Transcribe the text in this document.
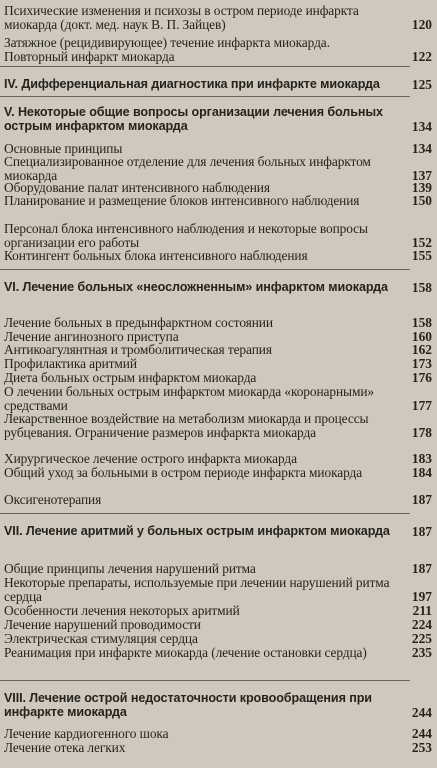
Психические изменения и психозы в остром периоде инфаркта миокарда (докт. мед. наук В. П. Зайцев)	120
Затяжное (рецидивирующее) течение инфаркта миокарда.
Повторный инфаркт миокарда	122
IV. Дифференциальная диагностика при инфаркте миокарда	125
V. Некоторые общие вопросы организации лечения больных острым инфарктом миокарда	134
Основные принципы	134
Специализированное отделение для лечения больных инфарктом миокарда	137
Оборудование палат интенсивного наблюдения	139
Планирование и размещение блоков интенсивного наблюдения	150
Персонал блока интенсивного наблюдения и некоторые вопросы организации его работы	152
Контингент больных блока интенсивного наблюдения	155
VI. Лечение больных «неосложненным» инфарктом миокарда	158
Лечение больных в предынфарктном состоянии	158
Лечение ангинозного приступа	160
Антикоагулянтная и тромболитическая терапия	162
Профилактика аритмий	173
Диета больных острым инфарктом миокарда	176
О лечении больных острым инфарктом миокарда «коронарными» средствами	177
Лекарственное воздействие на метаболизм миокарда и процессы рубцевания. Ограничение размеров инфаркта миокарда	178
Хирургическое лечение острого инфаркта миокарда	183
Общий уход за больными в остром периоде инфаркта миокарда	184
Оксигенотерапия	187
VII. Лечение аритмий у больных острым инфарктом миокарда	187
Общие принципы лечения нарушений ритма	187
Некоторые препараты, используемые при лечении нарушений ритма сердца	197
Особенности лечения некоторых аритмий	211
Лечение нарушений проводимости	224
Электрическая стимуляция сердца	225
Реанимация при инфаркте миокарда (лечение остановки сердца)	235
VIII. Лечение острой недостаточности кровообращения при инфаркте миокарда	244
Лечение кардиогенного шока	244
Лечение отека легких	253
